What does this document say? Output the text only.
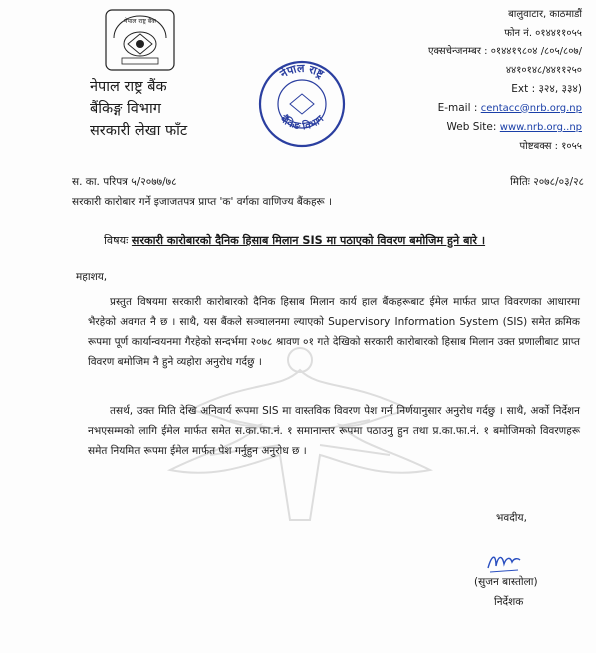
नेपाल राष्ट्र बैंक
नेपाल राष्ट्र बैंक
बैंकिङ्ग विभाग
सरकारी लेखा फाँट
नेपाल राष्ट्र
बैंकिङ विभाग
बालुवाटार, काठमाडौं
फोन नं. ०१४४११०५५
एक्सचेन्जनम्बर : ०१४४१९८०४ /८०५/८०७/
४४१०१४८/४४११२५०
Ext : ३२४, ३३४)
E-mail : centacc@nrb.org.np
Web Site: www.nrb.org..np
पोष्टबक्स : १०५५
स. का. परिपत्र ५/२०७७/७८	मितिः २०७८/०३/२८
सरकारी कारोबार गर्ने इजाजतपत्र प्राप्त 'क' वर्गका वाणिज्य बैंकहरू ।
विषयः सरकारी कारोबारको दैनिक हिसाब मिलान SIS मा पठाएको विवरण बमोजिम हुने बारे ।
महाशय,

प्रस्तुत विषयमा सरकारी कारोबारको दैनिक हिसाब मिलान कार्य हाल बैंकहरूबाट ईमेल मार्फत प्राप्त विवरणका आधारमा भैरहेको अवगत नै छ । साथै, यस बैंकले सञ्चालनमा ल्याएको Supervisory Information System (SIS) समेत क्रमिक रूपमा पूर्ण कार्यान्वयनमा गैरहेको सन्दर्भमा २०७८ श्रावण ०१ गते देखिको सरकारी कारोबारको हिसाब मिलान उक्त प्रणालीबाट प्राप्त विवरण बमोजिम नै हुने व्यहोरा अनुरोध गर्दछु ।

तसर्थ, उक्त मिति देखि अनिवार्य रूपमा SIS मा वास्तविक विवरण पेश गर्न निर्णयानुसार अनुरोध गर्दछु । साथै, अर्को निर्देशन नभएसम्मको लागि ईमेल मार्फत समेत स.का.फा.नं. १ समानान्तर रूपमा पठाउनु हुन तथा प्र.का.फा.नं. १ बमोजिमको विवरणहरू समेत नियमित रूपमा ईमेल मार्फत पेश गर्नुहुन अनुरोध छ ।

भवदीय,
(सुजन बास्तोला)
निर्देशक
